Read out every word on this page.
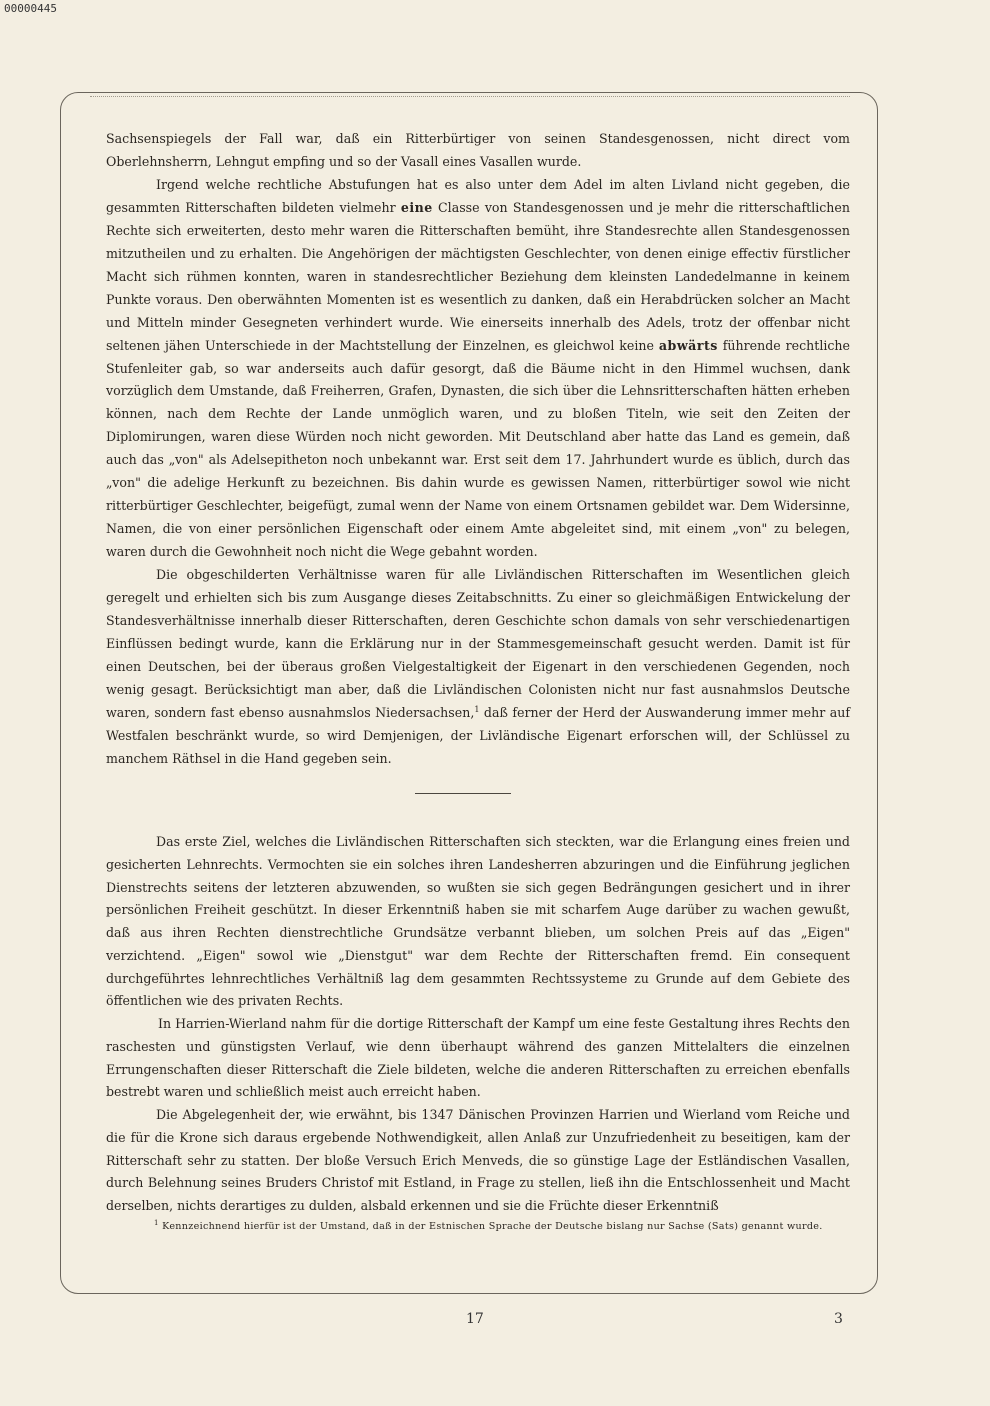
00000445

Sachsenspiegels der Fall war, daß ein Ritterbürtiger von seinen Standesgenossen, nicht direct vom Oberlehnsherrn, Lehngut empfing und so der Vasall eines Vasallen wurde.

Irgend welche rechtliche Abstufungen hat es also unter dem Adel im alten Livland nicht gegeben, die gesammten Ritterschaften bildeten vielmehr eine Classe von Standesgenossen und je mehr die ritterschaftlichen Rechte sich erweiterten, desto mehr waren die Ritterschaften bemüht, ihre Standesrechte allen Standesgenossen mitzutheilen und zu erhalten. Die Angehörigen der mächtigsten Geschlechter, von denen einige effectiv fürstlicher Macht sich rühmen konnten, waren in standesrechtlicher Beziehung dem kleinsten Landedelmanne in keinem Punkte voraus. Den oberwähnten Momenten ist es wesentlich zu danken, daß ein Herabdrücken solcher an Macht und Mitteln minder Gesegneten verhindert wurde. Wie einerseits innerhalb des Adels, trotz der offenbar nicht seltenen jähen Unterschiede in der Machtstellung der Einzelnen, es gleichwol keine abwärts führende rechtliche Stufenleiter gab, so war anderseits auch dafür gesorgt, daß die Bäume nicht in den Himmel wuchsen, dank vorzüglich dem Umstande, daß Freiherren, Grafen, Dynasten, die sich über die Lehnsritterschaften hätten erheben können, nach dem Rechte der Lande unmöglich waren, und zu bloßen Titeln, wie seit den Zeiten der Diplomirungen, waren diese Würden noch nicht geworden. Mit Deutschland aber hatte das Land es gemein, daß auch das „von" als Adelsepitheton noch unbekannt war. Erst seit dem 17. Jahrhundert wurde es üblich, durch das „von" die adelige Herkunft zu bezeichnen. Bis dahin wurde es gewissen Namen, ritterbürtiger sowol wie nicht ritterbürtiger Geschlechter, beigefügt, zumal wenn der Name von einem Ortsnamen gebildet war. Dem Widersinne, Namen, die von einer persönlichen Eigenschaft oder einem Amte abgeleitet sind, mit einem „von" zu belegen, waren durch die Gewohnheit noch nicht die Wege gebahnt worden.

Die obgeschilderten Verhältnisse waren für alle Livländischen Ritterschaften im Wesentlichen gleich geregelt und erhielten sich bis zum Ausgange dieses Zeitabschnitts. Zu einer so gleichmäßigen Entwickelung der Standesverhältnisse innerhalb dieser Ritterschaften, deren Geschichte schon damals von sehr verschiedenartigen Einflüssen bedingt wurde, kann die Erklärung nur in der Stammesgemeinschaft gesucht werden. Damit ist für einen Deutschen, bei der überaus großen Vielgestaltigkeit der Eigenart in den verschiedenen Gegenden, noch wenig gesagt. Berücksichtigt man aber, daß die Livländischen Colonisten nicht nur fast ausnahmslos Deutsche waren, sondern fast ebenso ausnahmslos Niedersachsen,$^1$ daß ferner der Herd der Auswanderung immer mehr auf Westfalen beschränkt wurde, so wird Demjenigen, der Livländische Eigenart erforschen will, der Schlüssel zu manchem Räthsel in die Hand gegeben sein.

Das erste Ziel, welches die Livländischen Ritterschaften sich steckten, war die Erlangung eines freien und gesicherten Lehnrechts. Vermochten sie ein solches ihren Landesherren abzuringen und die Einführung jeglichen Dienstrechts seitens der letzteren abzuwenden, so wußten sie sich gegen Bedrängungen gesichert und in ihrer persönlichen Freiheit geschützt. In dieser Erkenntniß haben sie mit scharfem Auge darüber zu wachen gewußt, daß aus ihren Rechten dienstrechtliche Grundsätze verbannt blieben, um solchen Preis auf das „Eigen" verzichtend. „Eigen" sowol wie „Dienstgut" war dem Rechte der Ritterschaften fremd. Ein consequent durchgeführtes lehnrechtliches Verhältniß lag dem gesammten Rechtssysteme zu Grunde auf dem Gebiete des öffentlichen wie des privaten Rechts.

In Harrien-Wierland nahm für die dortige Ritterschaft der Kampf um eine feste Gestaltung ihres Rechts den raschesten und günstigsten Verlauf, wie denn überhaupt während des ganzen Mittelalters die einzelnen Errungenschaften dieser Ritterschaft die Ziele bildeten, welche die anderen Ritterschaften zu erreichen ebenfalls bestrebt waren und schließlich meist auch erreicht haben.

Die Abgelegenheit der, wie erwähnt, bis 1347 Dänischen Provinzen Harrien und Wierland vom Reiche und die für die Krone sich daraus ergebende Nothwendigkeit, allen Anlaß zur Unzufriedenheit zu beseitigen, kam der Ritterschaft sehr zu statten. Der bloße Versuch Erich Menveds, die so günstige Lage der Estländischen Vasallen, durch Belehnung seines Bruders Christof mit Estland, in Frage zu stellen, ließ ihn die Entschlossenheit und Macht derselben, nichts derartiges zu dulden, alsbald erkennen und sie die Früchte dieser Erkenntniß

$^1$ Kennzeichnend hierfür ist der Umstand, daß in der Estnischen Sprache der Deutsche bislang nur Sachse (Sats) genannt wurde.
17	3
